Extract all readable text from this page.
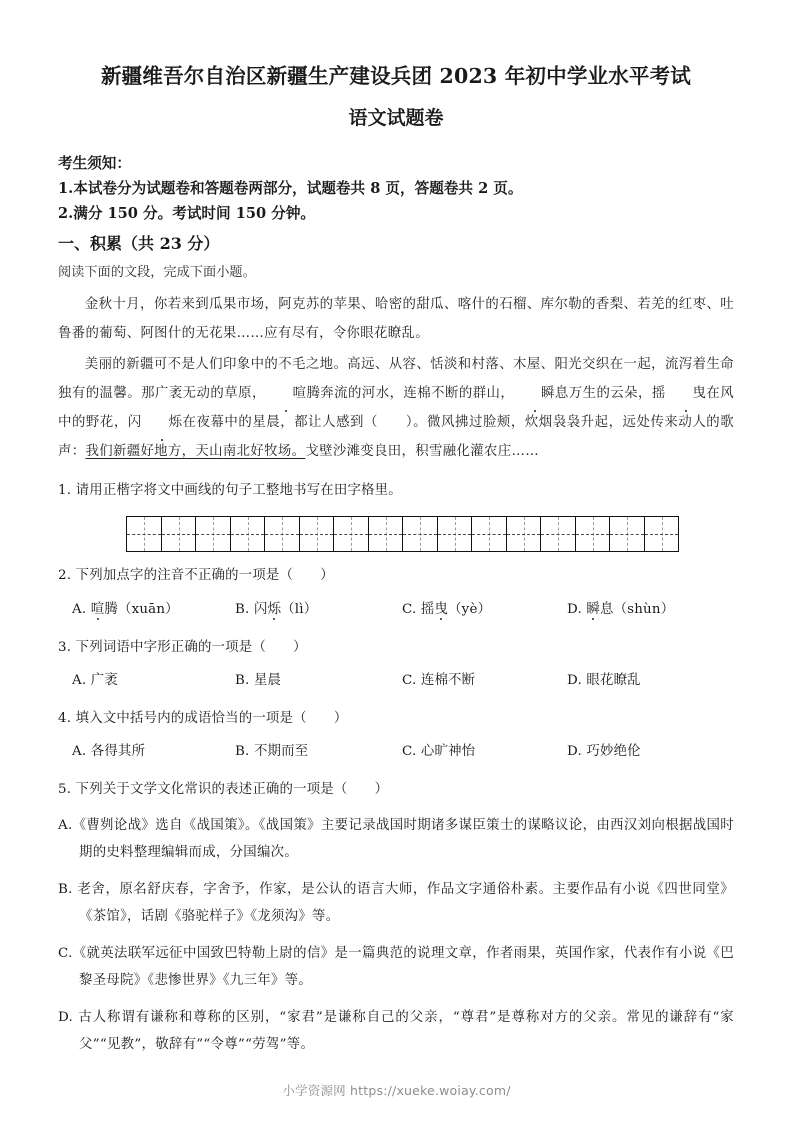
新疆维吾尔自治区新疆生产建设兵团 2023 年初中学业水平考试
语文试题卷
考生须知：
1.本试卷分为试题卷和答题卷两部分，试题卷共 8 页，答题卷共 2 页。
2.满分 150 分。考试时间 150 分钟。
一、积累（共 23 分）
阅读下面的文段，完成下面小题。

金秋十月，你若来到瓜果市场，阿克苏的苹果、哈密的甜瓜、喀什的石榴、库尔勒的香梨、若羌的红枣、吐鲁番的葡萄、阿图什的无花果……应有尽有，令你眼花瞭乱。

美丽的新疆可不是人们印象中的不毛之地。高远、从容、恬淡和村落、木屋、阳光交织在一起，流泻着生命独有的温馨。那广袤无动的草原， 喧腾奔流的河水，连棉不断的群山， 瞬息万生的云朵，摇 曳在风中的野花，闪 烁在夜幕中的星晨，都让人感到（　　）。微风拂过脸颊，炊烟袅袅升起，远处传来动人的歌声：我们新疆好地方，天山南北好牧场。戈壁沙滩变良田，积雪融化灌农庄……

1. 请用正楷字将文中画线的句子工整地书写在田字格里。
2. 下列加点字的注音不正确的一项是（　　）
A. 喧腾（xuān）	B. 闪烁（lì）	C. 摇曳（yè）	D. 瞬息（shùn）
3. 下列词语中字形正确的一项是（　　）
A. 广袤	B. 星晨	C. 连棉不断	D. 眼花瞭乱
4. 填入文中括号内的成语恰当的一项是（　　）
A. 各得其所	B. 不期而至	C. 心旷神怡	D. 巧妙绝伦
5. 下列关于文学文化常识的表述正确的一项是（　　）
A.《曹刿论战》选自《战国策》。《战国策》主要记录战国时期诸多谋臣策士的谋略议论，由西汉刘向根据战国时期的史料整理编辑而成，分国编次。
B. 老舍，原名舒庆春，字舍予，作家，是公认的语言大师，作品文字通俗朴素。主要作品有小说《四世同堂》《茶馆》，话剧《骆驼样子》《龙须沟》等。
C.《就英法联军远征中国致巴特勒上尉的信》是一篇典范的说理文章，作者雨果，英国作家，代表作有小说《巴黎圣母院》《悲惨世界》《九三年》等。
D. 古人称谓有谦称和尊称的区别，“家君”是谦称自己的父亲，“尊君”是尊称对方的父亲。常见的谦辞有“家父”“见教”，敬辞有”“令尊”“劳驾”等。
小学资源网 https://xueke.woiay.com/
